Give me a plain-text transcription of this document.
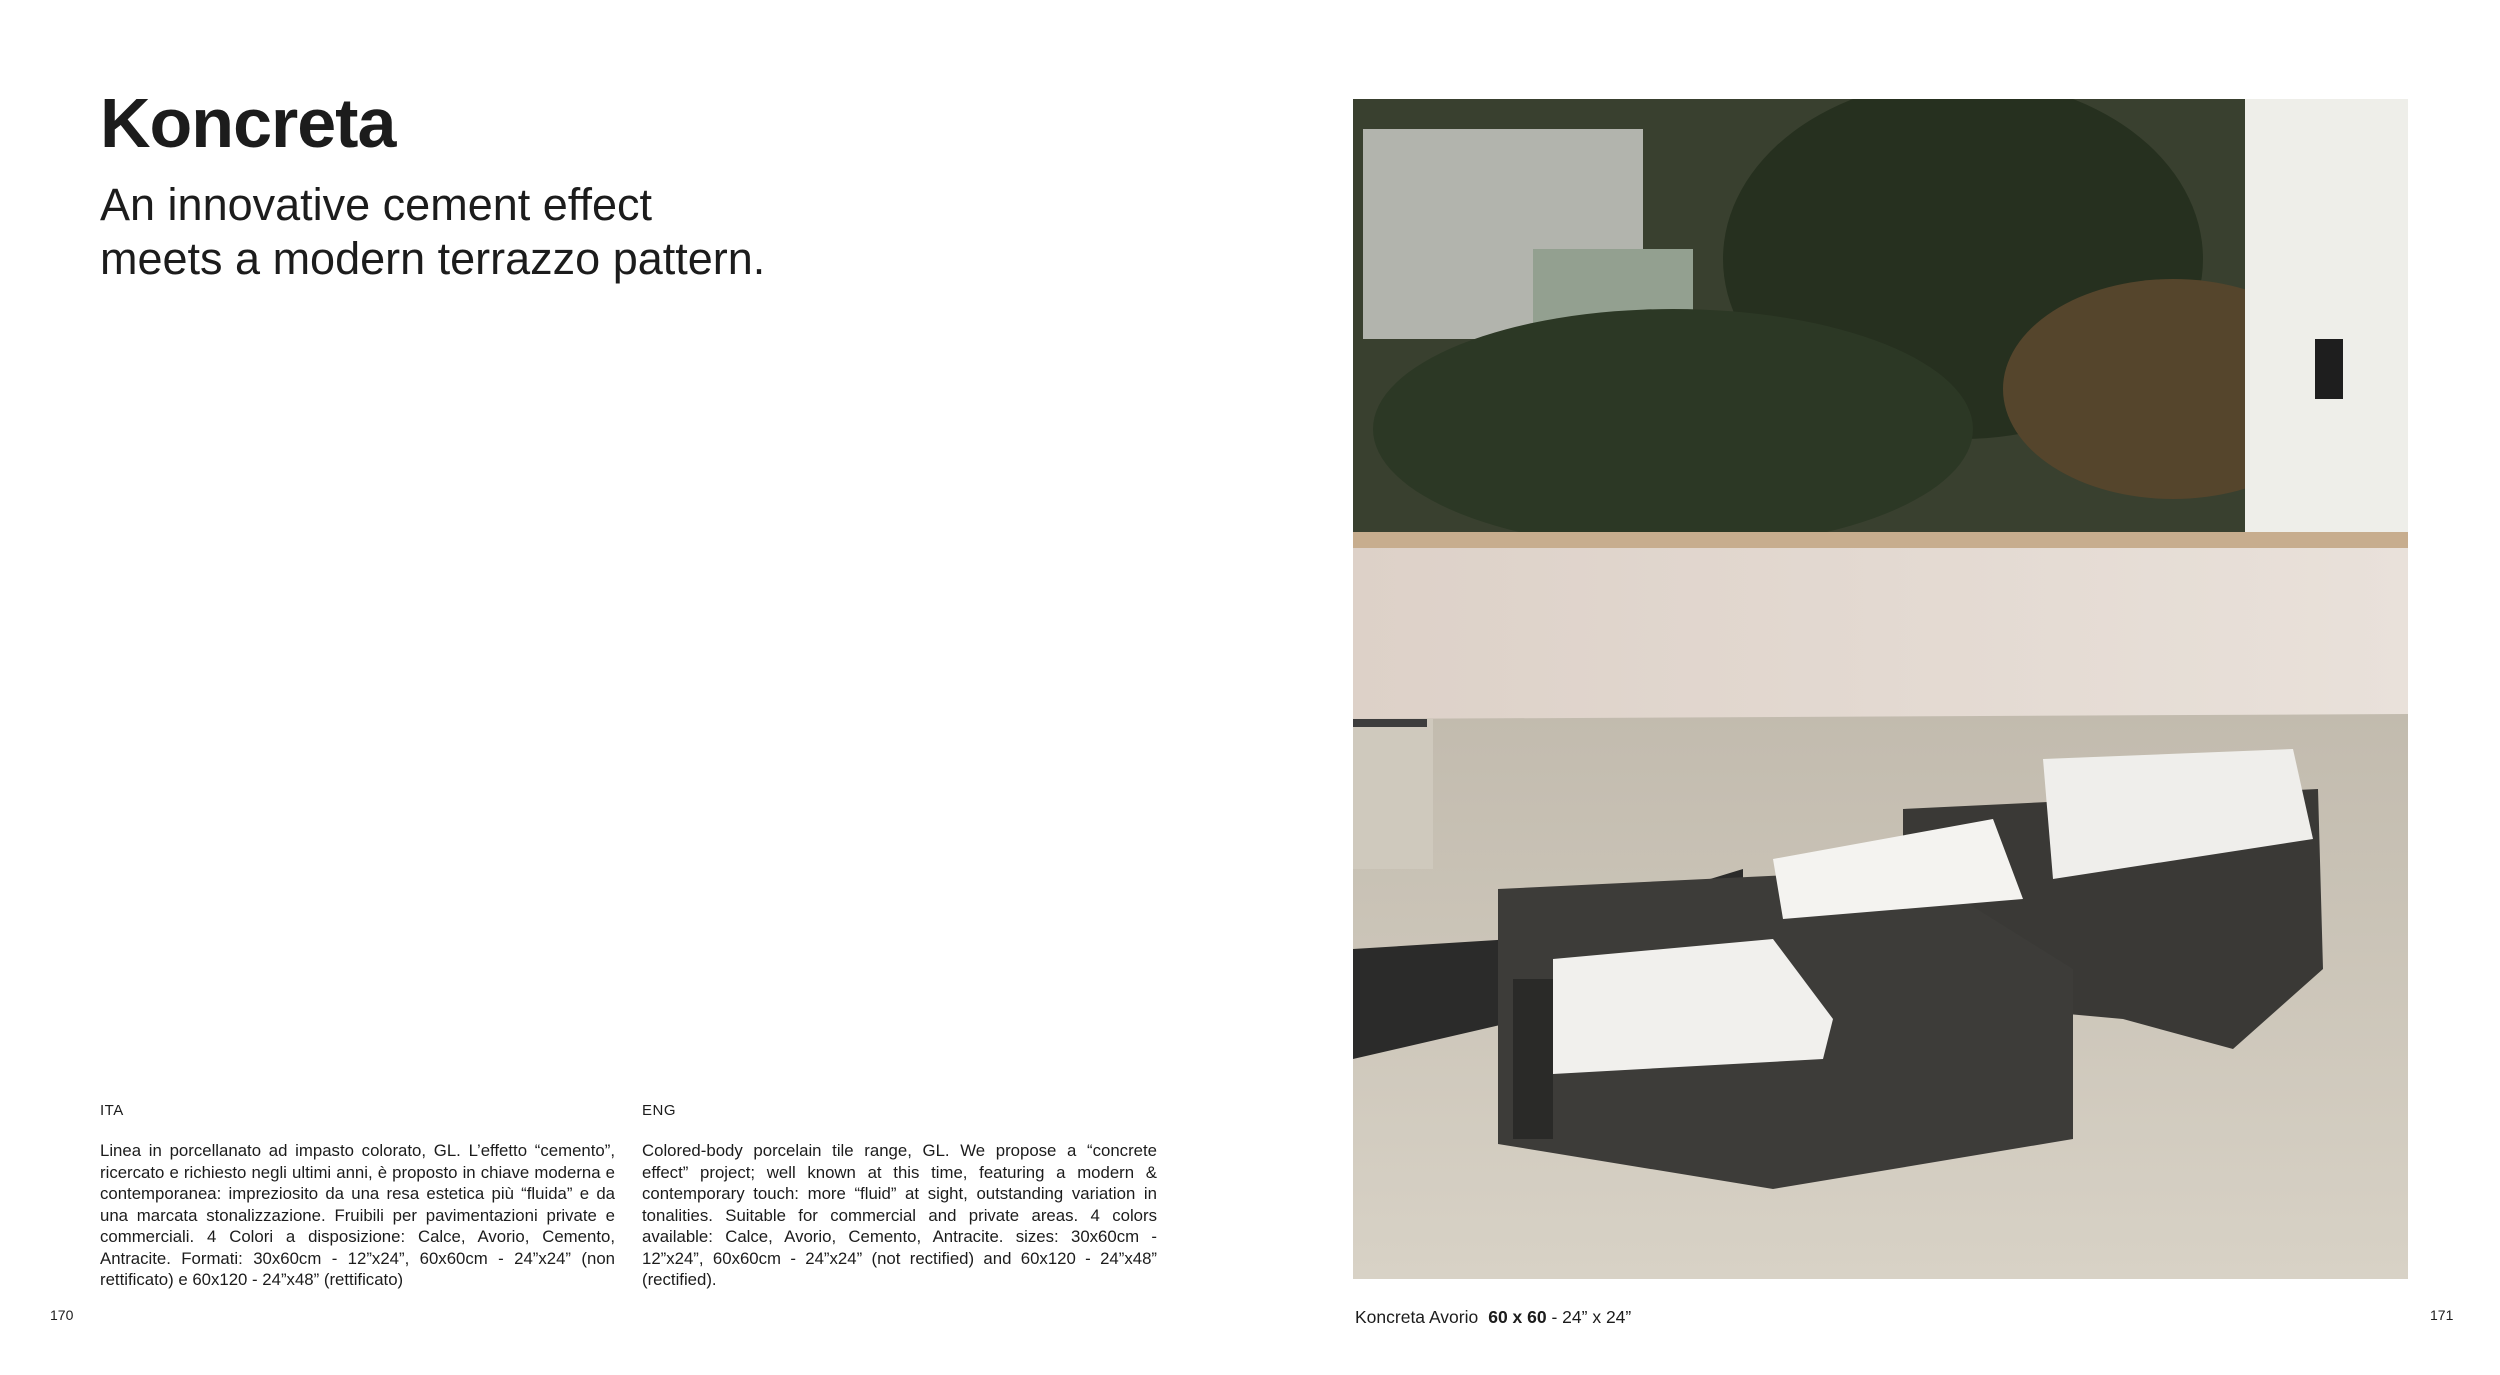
Koncreta
An innovative cement effect
meets a modern terrazzo pattern.

ITA

Linea in porcellanato ad impasto colorato, GL. L’effetto “cemento”, ricercato e richiesto negli ultimi anni, è proposto in chiave moderna e contemporanea: impreziosito da una resa estetica più “fluida” e da una marcata stonalizzazione. Fruibili per pavimentazioni private e commerciali. 4 Colori a disposizione: Calce, Avorio, Cemento, Antracite. Formati: 30x60cm - 12”x24”, 60x60cm - 24”x24” (non rettificato) e 60x120 - 24”x48” (rettificato)

ENG

Colored-body porcelain tile range, GL. We propose a “concrete effect” project; well known at this time, featuring a modern & contemporary touch: more “fluid” at sight, outstanding variation in tonalities. Suitable for commercial and private areas. 4 colors available: Calce, Avorio, Cemento, Antracite. sizes: 30x60cm - 12”x24”, 60x60cm - 24”x24” (not rectified) and 60x120 - 24”x48” (rectified).

170	171
Koncreta Avorio 60 x 60 - 24” x 24”
